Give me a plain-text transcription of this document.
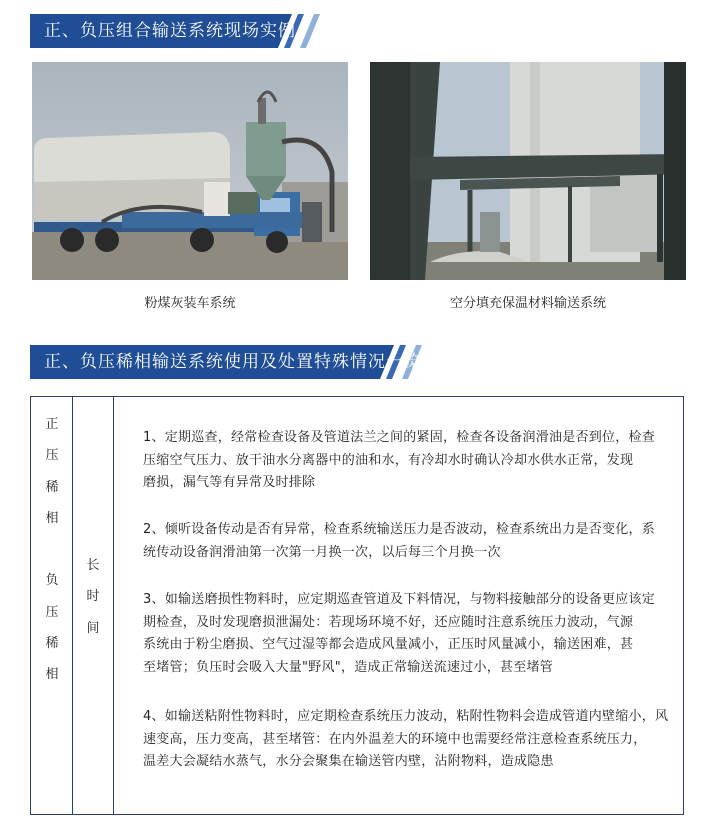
正、负压组合输送系统现场实例
粉煤灰装车系统	空分填充保温材料输送系统
正、负压稀相输送系统使用及处置特殊情况一览
正
压
稀
相
负
压
稀
相
长
时
间
1、定期巡查，经常检查设备及管道法兰之间的紧固，检查各设备润滑油是否到位，检查
压缩空气压力、放干油水分离器中的油和水，有冷却水时确认冷却水供水正常，发现
磨损，漏气等有异常及时排除
2、倾听设备传动是否有异常，检查系统输送压力是否波动，检查系统出力是否变化，系
统传动设备润滑油第一次第一月换一次，以后每三个月换一次
3、如输送磨损性物料时，应定期巡查管道及下料情况，与物料接触部分的设备更应该定
期检查，及时发现磨损泄漏处：若现场环境不好，还应随时注意系统压力波动，气源
系统由于粉尘磨损、空气过湿等都会造成风量减小，正压时风量减小，输送困难，甚
至堵管；负压时会吸入大量"野风"，造成正常输送流速过小，甚至堵管
4、如输送粘附性物料时，应定期检查系统压力波动，粘附性物料会造成管道内壁缩小，风
速变高，压力变高，甚至堵管：在内外温差大的环境中也需要经常注意检查系统压力，
温差大会凝结水蒸气，水分会聚集在输送管内壁，沾附物料，造成隐患
